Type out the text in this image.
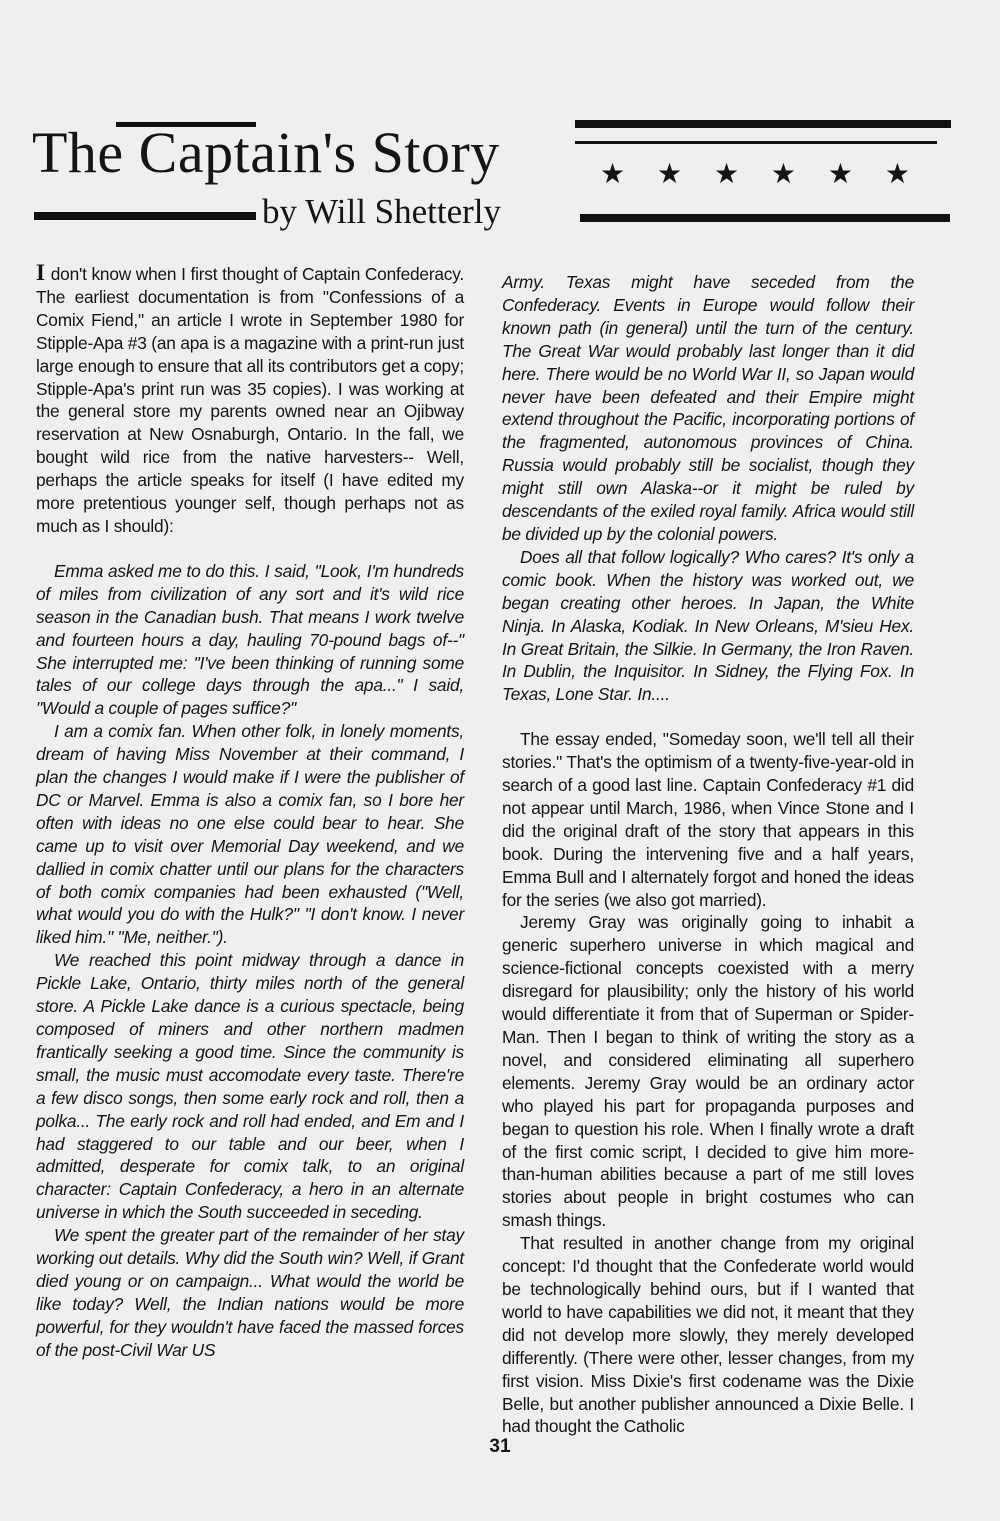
The Captain's Story	★ ★ ★ ★ ★ ★
by Will Shetterly

I don't know when I first thought of Captain Confederacy. The earliest documentation is from "Confessions of a Comix Fiend," an article I wrote in September 1980 for Stipple-Apa #3 (an apa is a magazine with a print-run just large enough to ensure that all its contributors get a copy; Stipple-Apa's print run was 35 copies). I was working at the general store my parents owned near an Ojibway reservation at New Osnaburgh, Ontario. In the fall, we bought wild rice from the native harvesters-- Well, perhaps the article speaks for itself (I have edited my more pretentious younger self, though perhaps not as much as I should):

Emma asked me to do this. I said, "Look, I'm hundreds of miles from civilization of any sort and it's wild rice season in the Canadian bush. That means I work twelve and fourteen hours a day, hauling 70-pound bags of--" She interrupted me: "I've been thinking of running some tales of our college days through the apa..." I said, "Would a couple of pages suffice?"

I am a comix fan. When other folk, in lonely moments, dream of having Miss November at their command, I plan the changes I would make if I were the publisher of DC or Marvel. Emma is also a comix fan, so I bore her often with ideas no one else could bear to hear. She came up to visit over Memorial Day weekend, and we dallied in comix chatter until our plans for the characters of both comix companies had been exhausted ("Well, what would you do with the Hulk?" "I don't know. I never liked him." "Me, neither.").

We reached this point midway through a dance in Pickle Lake, Ontario, thirty miles north of the general store. A Pickle Lake dance is a curious spectacle, being composed of miners and other northern madmen frantically seeking a good time. Since the community is small, the music must accomodate every taste. There're a few disco songs, then some early rock and roll, then a polka... The early rock and roll had ended, and Em and I had staggered to our table and our beer, when I admitted, desperate for comix talk, to an original character: Captain Confederacy, a hero in an alternate universe in which the South succeeded in seceding.

We spent the greater part of the remainder of her stay working out details. Why did the South win? Well, if Grant died young or on campaign... What would the world be like today? Well, the Indian nations would be more powerful, for they wouldn't have faced the massed forces of the post-Civil War US

Army. Texas might have seceded from the Confederacy. Events in Europe would follow their known path (in general) until the turn of the century. The Great War would probably last longer than it did here. There would be no World War II, so Japan would never have been defeated and their Empire might extend throughout the Pacific, incorporating portions of the fragmented, autonomous provinces of China. Russia would probably still be socialist, though they might still own Alaska--or it might be ruled by descendants of the exiled royal family. Africa would still be divided up by the colonial powers.

Does all that follow logically? Who cares? It's only a comic book. When the history was worked out, we began creating other heroes. In Japan, the White Ninja. In Alaska, Kodiak. In New Orleans, M'sieu Hex. In Great Britain, the Silkie. In Germany, the Iron Raven. In Dublin, the Inquisitor. In Sidney, the Flying Fox. In Texas, Lone Star. In....

The essay ended, "Someday soon, we'll tell all their stories." That's the optimism of a twenty-five-year-old in search of a good last line. Captain Confederacy #1 did not appear until March, 1986, when Vince Stone and I did the original draft of the story that appears in this book. During the intervening five and a half years, Emma Bull and I alternately forgot and honed the ideas for the series (we also got married).

Jeremy Gray was originally going to inhabit a generic superhero universe in which magical and science-fictional concepts coexisted with a merry disregard for plausibility; only the history of his world would differentiate it from that of Superman or Spider-Man. Then I began to think of writing the story as a novel, and considered eliminating all superhero elements. Jeremy Gray would be an ordinary actor who played his part for propaganda purposes and began to question his role. When I finally wrote a draft of the first comic script, I decided to give him more-than-human abilities because a part of me still loves stories about people in bright costumes who can smash things.

That resulted in another change from my original concept: I'd thought that the Confederate world would be technologically behind ours, but if I wanted that world to have capabilities we did not, it meant that they did not develop more slowly, they merely developed differently. (There were other, lesser changes, from my first vision. Miss Dixie's first codename was the Dixie Belle, but another publisher announced a Dixie Belle. I had thought the Catholic

31
